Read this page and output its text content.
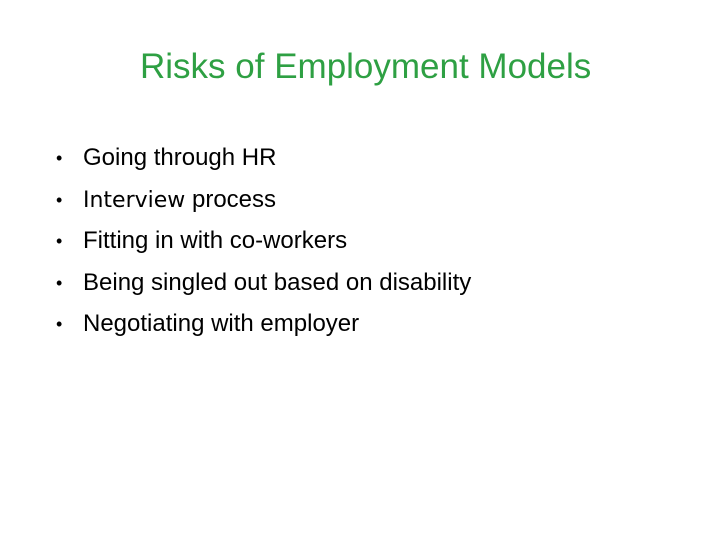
Risks of Employment Models
• Going through HR
• Interview process
• Fitting in with co-workers
• Being singled out based on disability
• Negotiating with employer
